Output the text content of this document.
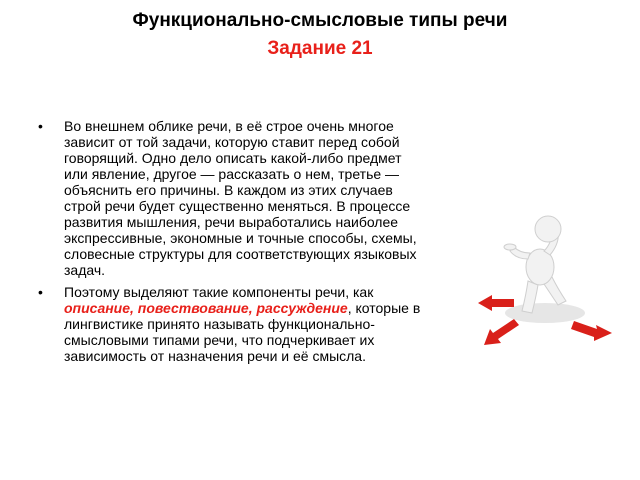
Функционально-смысловые типы речи
Задание 21
• Во внешнем облике речи, в её строе очень многое зависит от той задачи, которую ставит перед собой говорящий. Одно дело описать какой-либо предмет или явление, другое — рассказать о нем, третье — объяснить его причины. В каждом из этих случаев строй речи будет существенно меняться. В процессе развития мышления, речи выработались наиболее экспрессивные, экономные и точные способы, схемы, словесные структуры для соответствующих языковых задач.
• Поэтому выделяют такие компоненты речи, как описание, повествование, рассуждение, которые в лингвистике принято называть функционально-смысловыми типами речи, что подчеркивает их зависимость от назначения речи и её смысла.
